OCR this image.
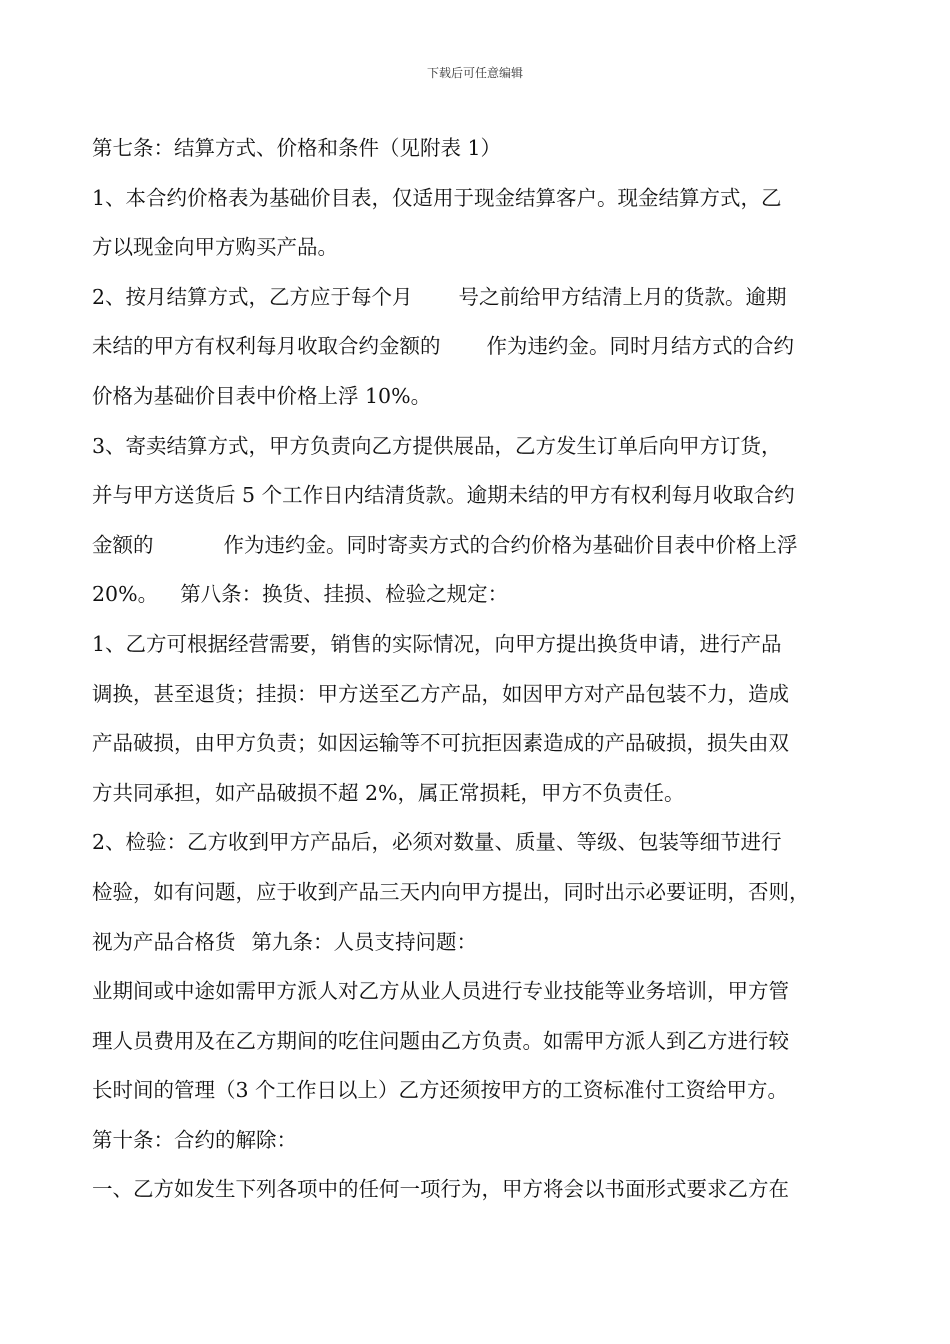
下载后可任意编辑
第七条：结算方式、价格和条件（见附表 1）
1、本合约价格表为基础价目表，仅适用于现金结算客户。现金结算方式，乙
方以现金向甲方购买产品。
2、按月结算方式，乙方应于每个月 号之前给甲方结清上月的货款。逾期
未结的甲方有权利每月收取合约金额的 作为违约金。同时月结方式的合约
价格为基础价目表中价格上浮 10%。
3、寄卖结算方式，甲方负责向乙方提供展品，乙方发生订单后向甲方订货，
并与甲方送货后 5 个工作日内结清货款。逾期未结的甲方有权利每月收取合约
金额的	作为违约金。同时寄卖方式的合约价格为基础价目表中价格上浮
20%。 第八条：换货、挂损、检验之规定：
1、乙方可根据经营需要，销售的实际情况，向甲方提出换货申请，进行产品
调换，甚至退货；挂损：甲方送至乙方产品，如因甲方对产品包装不力，造成
产品破损，由甲方负责；如因运输等不可抗拒因素造成的产品破损，损失由双
方共同承担，如产品破损不超 2%，属正常损耗，甲方不负责任。
2、检验：乙方收到甲方产品后，必须对数量、质量、等级、包装等细节进行
检验，如有问题，应于收到产品三天内向甲方提出，同时出示必要证明，否则，
视为产品合格货 第九条：人员支持问题：
业期间或中途如需甲方派人对乙方从业人员进行专业技能等业务培训，甲方管
理人员费用及在乙方期间的吃住问题由乙方负责。如需甲方派人到乙方进行较
长时间的管理（3 个工作日以上）乙方还须按甲方的工资标准付工资给甲方。
第十条：合约的解除：
一、乙方如发生下列各项中的任何一项行为，甲方将会以书面形式要求乙方在
